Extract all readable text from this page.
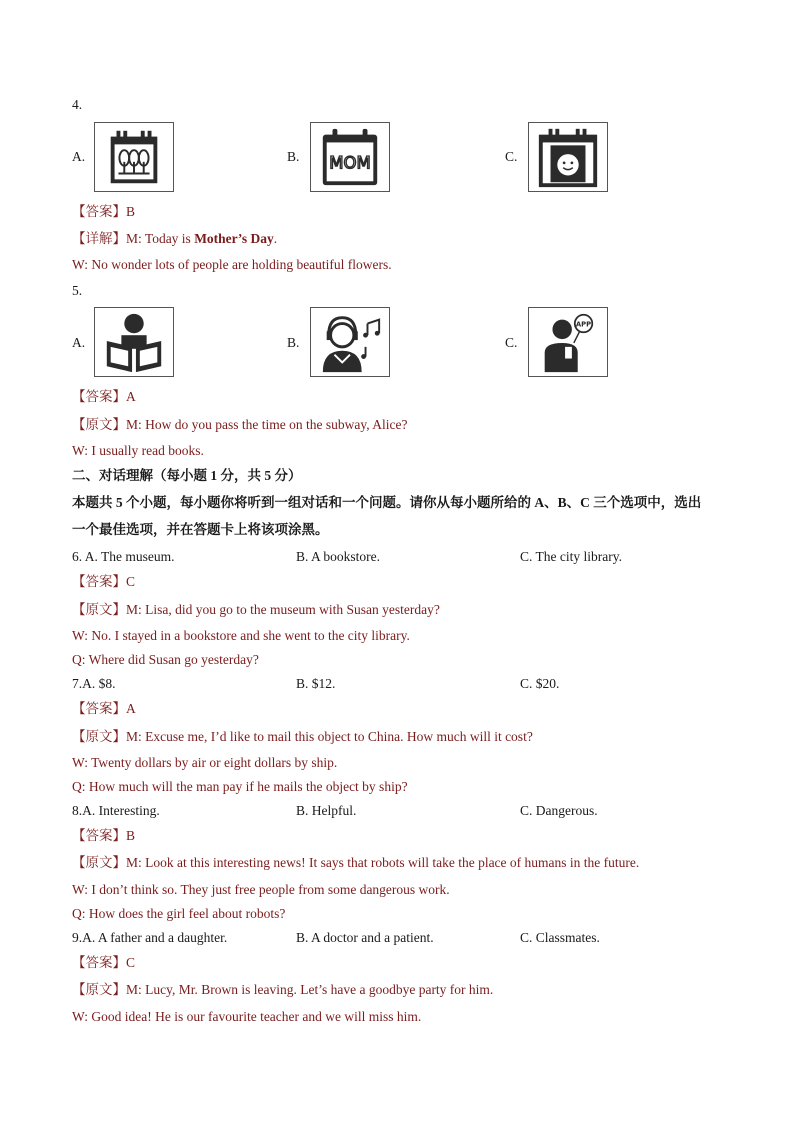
4.
A.	B. MOM	C.
【答案】B
【详解】M: Today is Mother’s Day.
W: No wonder lots of people are holding beautiful flowers.
5.
A.	B.	C.
APP
【答案】A
【原文】M: How do you pass the time on the subway, Alice?
W: I usually read books.
二、对话理解（每小题 1 分，共 5 分）
本题共 5 个小题，每小题你将听到一组对话和一个问题。请你从每小题所给的 A、B、C 三个选项中，选出
一个最佳选项，并在答题卡上将该项涂黑。
6. A. The museum.	B. A bookstore.	C. The city library.
【答案】C
【原文】M: Lisa, did you go to the museum with Susan yesterday?
W: No. I stayed in a bookstore and she went to the city library.
Q: Where did Susan go yesterday?
7.A. $8.	B. $12.	C. $20.
【答案】A
【原文】M: Excuse me, I’d like to mail this object to China. How much will it cost?
W: Twenty dollars by air or eight dollars by ship.
Q: How much will the man pay if he mails the object by ship?
8.A. Interesting.	B. Helpful.	C. Dangerous.
【答案】B
【原文】M: Look at this interesting news! It says that robots will take the place of humans in the future.
W: I don’t think so. They just free people from some dangerous work.
Q: How does the girl feel about robots?
9.A. A father and a daughter.	B. A doctor and a patient.	C. Classmates.
【答案】C
【原文】M: Lucy, Mr. Brown is leaving. Let’s have a goodbye party for him.
W: Good idea! He is our favourite teacher and we will miss him.
